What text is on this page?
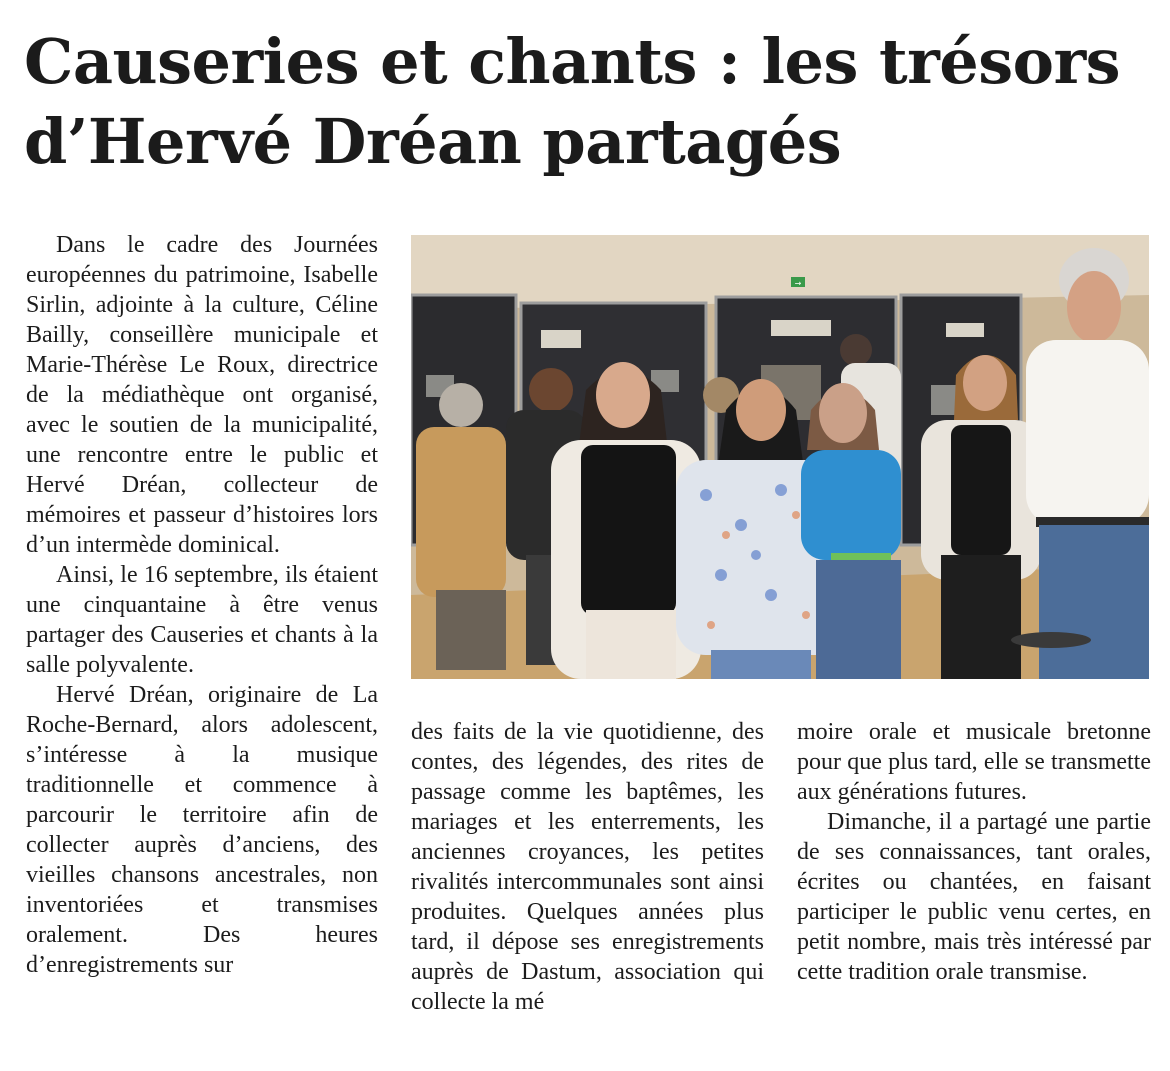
Causeries et chants : les trésors
d’Hervé Dréan partagés

Dans le cadre des Journées européennes du patrimoine, Isabelle Sirlin, adjointe à la culture, Céline Bailly, conseillère municipale et Marie-Thérèse Le Roux, directrice de la médiathèque ont organisé, avec le soutien de la municipalité, une rencontre entre le public et Hervé Dréan, collecteur de mémoires et passeur d’histoires lors d’un intermède dominical.

Ainsi, le 16 septembre, ils étaient une cinquantaine à être venus partager des Causeries et chants à la salle polyvalente.

Hervé Dréan, originaire de La Roche-Bernard, alors adolescent, s’intéresse à la musique traditionnelle et commence à parcourir le territoire afin de collecter auprès d’anciens, des vieilles chansons ancestrales, non inventoriées et transmises oralement. Des heures d’enregistrements sur

→

des faits de la vie quotidienne, des contes, des légendes, des rites de passage comme les baptêmes, les mariages et les enterrements, les anciennes croyances, les petites rivalités intercommunales sont ainsi produites. Quelques années plus tard, il dépose ses enregistrements auprès de Dastum, association qui collecte la mé

moire orale et musicale bretonne pour que plus tard, elle se transmette aux générations futures.

Dimanche, il a partagé une partie de ses connaissances, tant orales, écrites ou chantées, en faisant participer le public venu certes, en petit nombre, mais très intéressé par cette tradition orale transmise.
